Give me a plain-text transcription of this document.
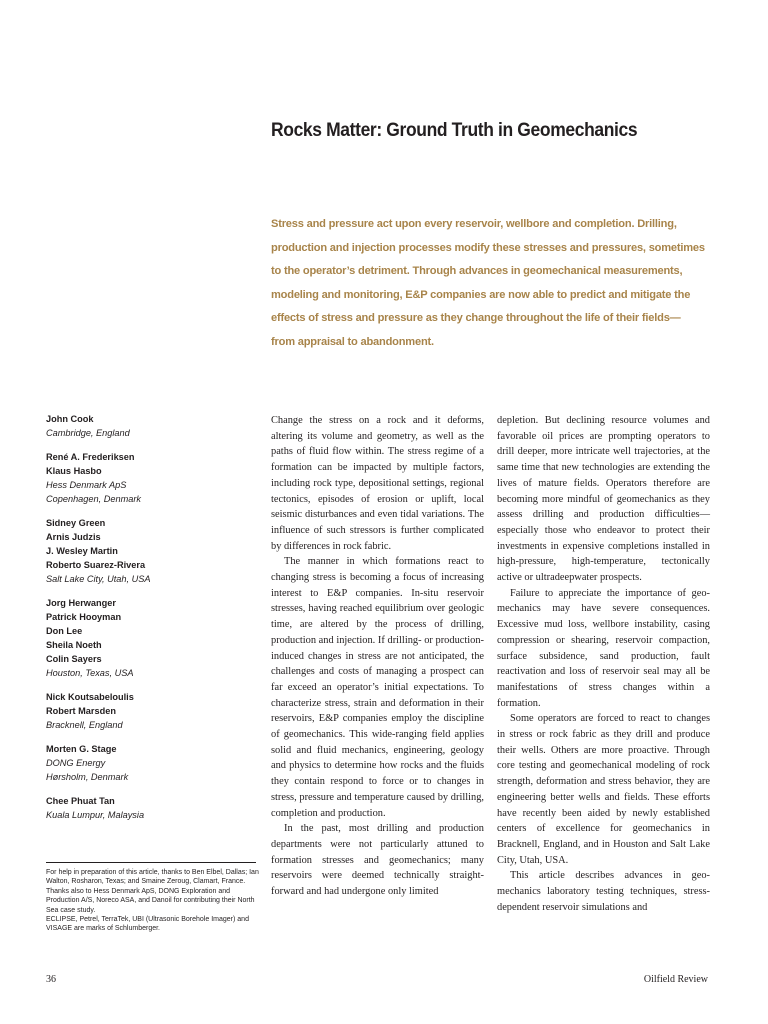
Rocks Matter: Ground Truth in Geomechanics
Stress and pressure act upon every reservoir, wellbore and completion. Drilling,
production and injection processes modify these stresses and pressures, sometimes
to the operator’s detriment. Through advances in geomechanical measurements,
modeling and monitoring, E&P companies are now able to predict and mitigate the
effects of stress and pressure as they change throughout the life of their fields—
from appraisal to abandonment.
John Cook
Cambridge, England
René A. Frederiksen
Klaus Hasbo
Hess Denmark ApS
Copenhagen, Denmark
Sidney Green
Arnis Judzis
J. Wesley Martin
Roberto Suarez-Rivera
Salt Lake City, Utah, USA
Jorg Herwanger
Patrick Hooyman
Don Lee
Sheila Noeth
Colin Sayers
Houston, Texas, USA
Nick Koutsabeloulis
Robert Marsden
Bracknell, England
Morten G. Stage
DONG Energy
Hørsholm, Denmark
Chee Phuat Tan
Kuala Lumpur, Malaysia

For help in preparation of this article, thanks to Ben Elbel, Dallas; Ian Walton, Rosharon, Texas; and Smaine Zeroug, Clamart, France. Thanks also to Hess Denmark ApS, DONG Exploration and Production A/S, Noreco ASA, and Danoil for contributing their North Sea case study.

ECLIPSE, Petrel, TerraTek, UBI (Ultrasonic Borehole Imager) and VISAGE are marks of Schlumberger.

Change the stress on a rock and it deforms, altering its volume and geometry, as well as the paths of fluid flow within. The stress regime of a formation can be impacted by multiple factors, including rock type, depositional settings, regional tectonics, episodes of erosion or uplift, local seismic disturbances and even tidal variations. The influence of such stressors is further complicated by differences in rock fabric.

The manner in which formations react to changing stress is becoming a focus of increasing interest to E&P companies. In-situ reservoir stresses, having reached equilibrium over geologic time, are altered by the process of drilling, production and injection. If drilling- or production-induced changes in stress are not anticipated, the challenges and costs of managing a prospect can far exceed an operator’s initial expectations. To characterize stress, strain and deformation in their reservoirs, E&P companies employ the discipline of geomechanics. This wide-ranging field applies solid and fluid mechanics, engineering, geology and physics to determine how rocks and the fluids they contain respond to force or to changes in stress, pressure and temperature caused by drilling, completion and production.

In the past, most drilling and production departments were not particularly attuned to formation stresses and geomechanics; many reservoirs were deemed technically straight-forward and had undergone only limited

depletion. But declining resource volumes and favorable oil prices are prompting operators to drill deeper, more intricate well trajectories, at the same time that new technologies are extending the lives of mature fields. Operators therefore are becoming more mindful of geomechanics as they assess drilling and production difficulties—especially those who endeavor to protect their investments in expensive completions installed in high-pressure, high-temperature, tectonically active or ultradeepwater prospects.

Failure to appreciate the importance of geo-mechanics may have severe consequences. Excessive mud loss, wellbore instability, casing compression or shearing, reservoir compaction, surface subsidence, sand production, fault reactivation and loss of reservoir seal may all be manifestations of stress changes within a formation.

Some operators are forced to react to changes in stress or rock fabric as they drill and produce their wells. Others are more proactive. Through core testing and geomechanical modeling of rock strength, deformation and stress behavior, they are engineering better wells and fields. These efforts have recently been aided by newly established centers of excellence for geomechanics in Bracknell, England, and in Houston and Salt Lake City, Utah, USA.

This article describes advances in geo-mechanics laboratory testing techniques, stress-dependent reservoir simulations and

36	Oilfield Review
